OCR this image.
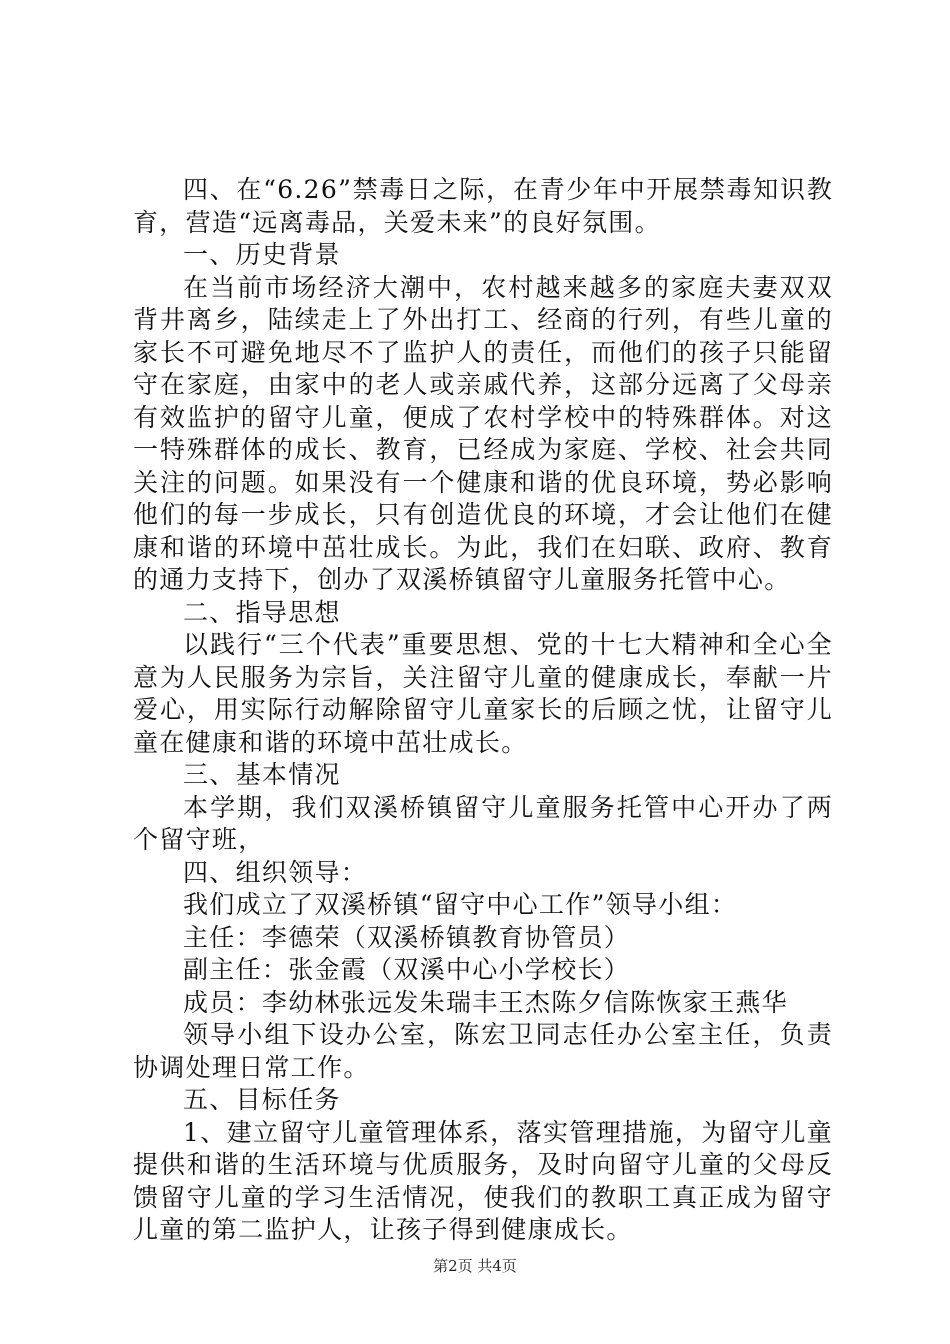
四、在“6.26”禁毒日之际，在青少年中开展禁毒知识教育，营造“远离毒品，关爱未来”的良好氛围。

一、历史背景

在当前市场经济大潮中，农村越来越多的家庭夫妻双双背井离乡，陆续走上了外出打工、经商的行列，有些儿童的家长不可避免地尽不了监护人的责任，而他们的孩子只能留守在家庭，由家中的老人或亲戚代养，这部分远离了父母亲有效监护的留守儿童，便成了农村学校中的特殊群体。对这一特殊群体的成长、教育，已经成为家庭、学校、社会共同关注的问题。如果没有一个健康和谐的优良环境，势必影响他们的每一步成长，只有创造优良的环境，才会让他们在健康和谐的环境中茁壮成长。为此，我们在妇联、政府、教育的通力支持下，创办了双溪桥镇留守儿童服务托管中心。

二、指导思想

以践行“三个代表”重要思想、党的十七大精神和全心全意为人民服务为宗旨，关注留守儿童的健康成长，奉献一片爱心，用实际行动解除留守儿童家长的后顾之忧，让留守儿童在健康和谐的环境中茁壮成长。

三、基本情况

本学期，我们双溪桥镇留守儿童服务托管中心开办了两个留守班，

四、组织领导：

我们成立了双溪桥镇“留守中心工作”领导小组：

主任：李德荣（双溪桥镇教育协管员）

副主任：张金霞（双溪中心小学校长）

成员：李幼林张远发朱瑞丰王杰陈夕信陈恢家王燕华

领导小组下设办公室，陈宏卫同志任办公室主任，负责协调处理日常工作。

五、目标任务

1、建立留守儿童管理体系，落实管理措施，为留守儿童提供和谐的生活环境与优质服务，及时向留守儿童的父母反馈留守儿童的学习生活情况，使我们的教职工真正成为留守儿童的第二监护人，让孩子得到健康成长。

第2页 共4页
